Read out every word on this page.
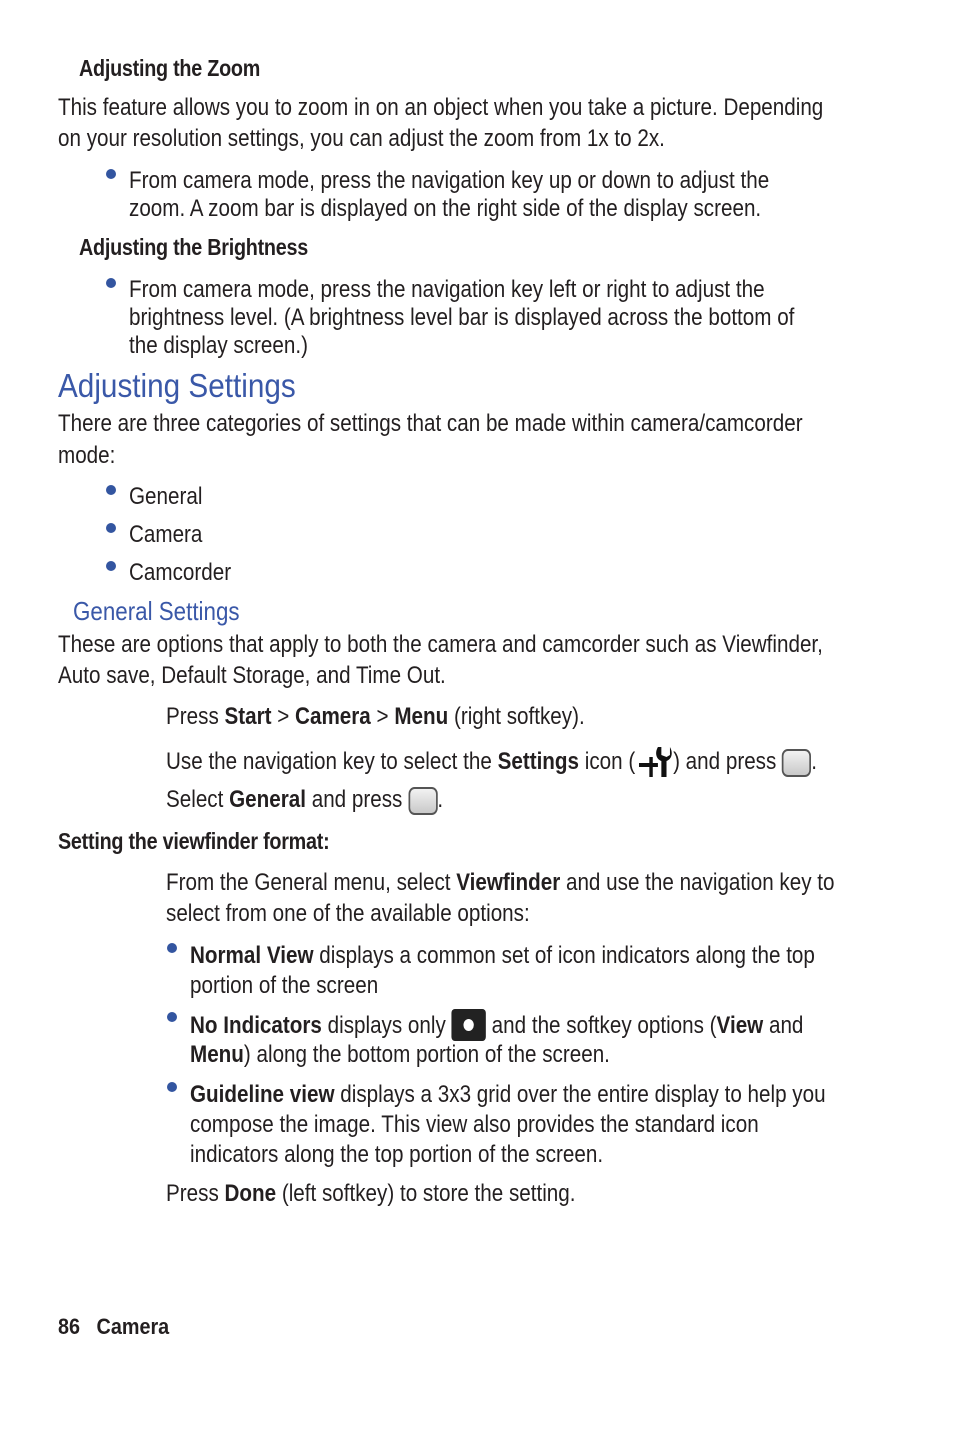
Adjusting the Zoom
This feature allows you to zoom in on an object when you take a picture. Depending
on your resolution settings, you can adjust the zoom from 1x to 2x.
From camera mode, press the navigation key up or down to adjust the
zoom. A zoom bar is displayed on the right side of the display screen.
Adjusting the Brightness
From camera mode, press the navigation key left or right to adjust the
brightness level. (A brightness level bar is displayed across the bottom of
the display screen.)
Adjusting Settings
There are three categories of settings that can be made within camera/camcorder
mode:
General
Camera
Camcorder
General Settings
These are options that apply to both the camera and camcorder such as Viewfinder,
Auto save, Default Storage, and Time Out.
Press Start > Camera > Menu (right softkey).
Use the navigation key to select the Settings icon ( ) and press .
Select General and press .
Setting the viewfinder format:
From the General menu, select Viewfinder and use the navigation key to
select from one of the available options:
Normal View displays a common set of icon indicators along the top
portion of the screen
No Indicators displays only  and the softkey options (View and
Menu) along the bottom portion of the screen.
Guideline view displays a 3x3 grid over the entire display to help you
compose the image. This view also provides the standard icon
indicators along the top portion of the screen.
Press Done (left softkey) to store the setting.
86 Camera
